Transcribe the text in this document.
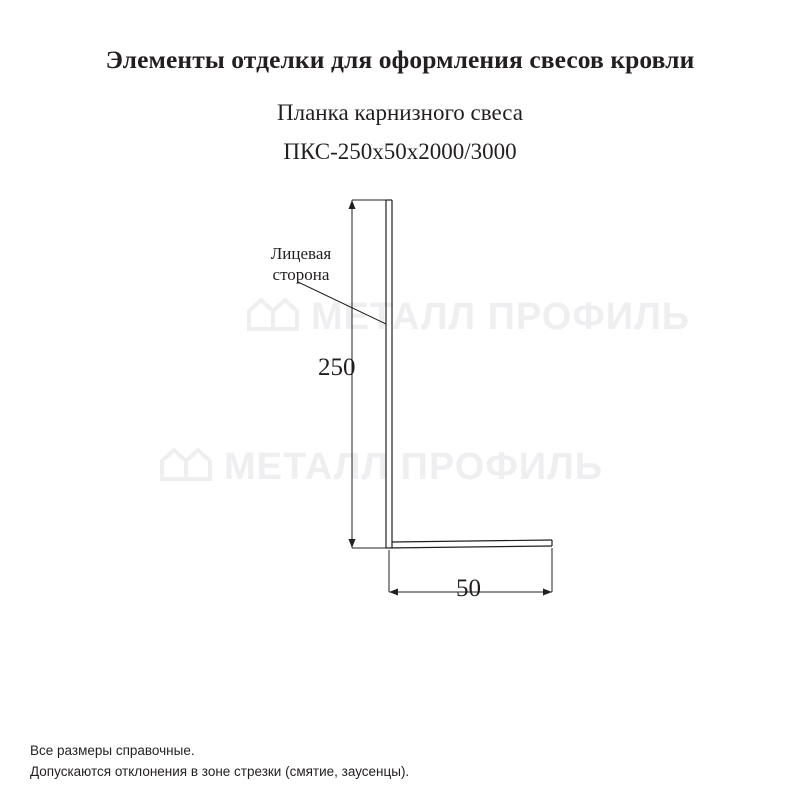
Элементы отделки для оформления свесов кровли
Планка карнизного свеса
ПКС-250х50х2000/3000
МЕТАЛЛ ПРОФИЛЬ
МЕТАЛЛ ПРОФИЛЬ
Лицевая
сторона
250
50
Все размеры справочные.
Допускаются отклонения в зоне стрезки (смятие, заусенцы).
